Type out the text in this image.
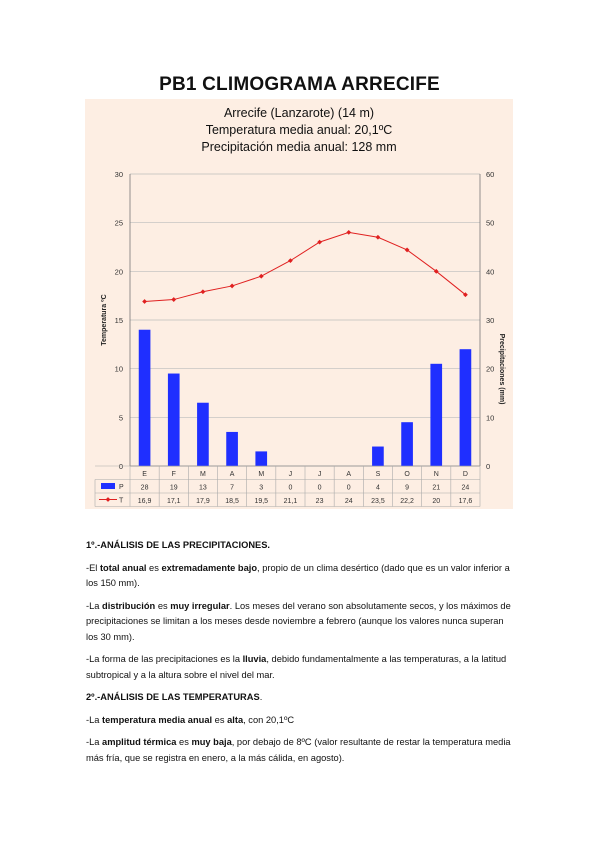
PB1 CLIMOGRAMA ARRECIFE
Arrecife (Lanzarote) (14 m)
Temperatura media anual: 20,1ºC
Precipitación media anual: 128 mm
Temperatura ºC
Precipitaciones (mm)
0
5
10
15
20
25
30
0
10
20
30
40
50
60
E
28
16,9
F
19
17,1
M
13
17,9
A
7
18,5
M
3
19,5
J
0
21,1
J
0
23
A
0
24
S
4
23,5
O
9
22,2
N
21
20
D
24
17,6
P
T

1º.-ANÁLISIS DE LAS PRECIPITACIONES.

-El total anual es extremadamente bajo, propio de un clima desértico (dado que es un valor inferior a los 150 mm).

-La distribución es muy irregular. Los meses del verano son absolutamente secos, y los máximos de precipitaciones se limitan a los meses desde noviembre a febrero (aunque los valores nunca superan los 30 mm).

-La forma de las precipitaciones es la lluvia, debido fundamentalmente a las temperaturas, a la latitud subtropical y a la altura sobre el nivel del mar.

2º.-ANÁLISIS DE LAS TEMPERATURAS.

-La temperatura media anual es alta, con 20,1ºC

-La amplitud térmica es muy baja, por debajo de 8ºC (valor resultante de restar la temperatura media más fría, que se registra en enero, a la más cálida, en agosto).
